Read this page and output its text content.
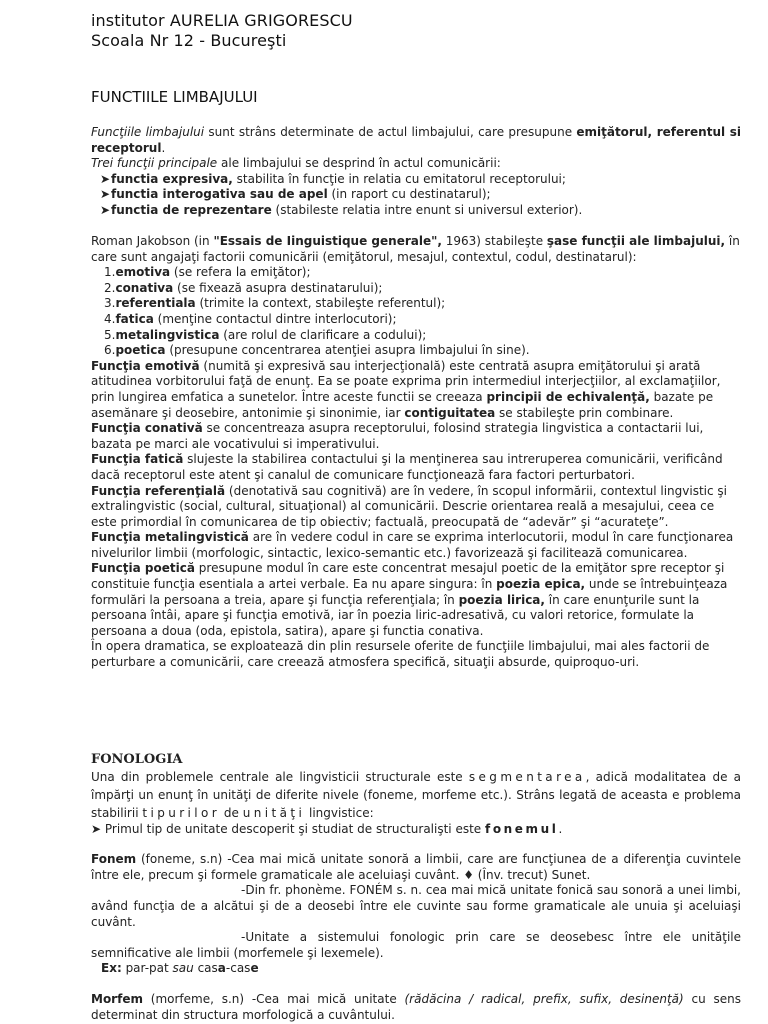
institutor AURELIA GRIGORESCU
Scoala Nr 12 - Bucureşti
FUNCTIILE LIMBAJULUI

Funcţiile limbajului sunt strâns determinate de actul limbajului, care presupune emiţătorul, referentul si receptorul.

Trei funcţii principale ale limbajului se desprind în actul comunicării:

➤functia expresiva, stabilita în funcţie in relatia cu emitatorul receptorului;

➤functia interogativa sau de apel (in raport cu destinatarul);

➤functia de reprezentare (stabileste relatia intre enunt si universul exterior).

Roman Jakobson (in "Essais de Iinguistique generale", 1963) stabileşte şase funcţii ale limbajului, în care sunt angajaţi factorii comunicării (emiţătorul, mesajul, contextul, codul, destinatarul):

1.emotiva (se refera la emiţător);

2.conativa (se fixează asupra destinatarului);

3.referentiala (trimite la context, stabileşte referentul);

4.fatica (menţine contactul dintre interlocutori);

5.metalingvistica (are rolul de clarificare a codului);

6.poetica (presupune concentrarea atenţiei asupra limbajului în sine).

Funcţia emotivă (numită şi expresivă sau interjecţională) este centrată asupra emiţătorului şi arată atitudinea vorbitorului faţă de enunţ. Ea se poate exprima prin intermediul interjecţiilor, al exclamaţiilor, prin lungirea emfatica a sunetelor. Între aceste functii se creeaza principii de echivalenţă, bazate pe asemănare şi deosebire, antonimie şi sinonimie, iar contiguitatea se stabileşte prin combinare.

Funcţia conativă se concentreaza asupra receptorului, folosind strategia lingvistica a contactarii lui, bazata pe marci ale vocativului si imperativului.

Funcţia fatică slujeste la stabilirea contactului şi la menţinerea sau intreruperea comunicării, verificând dacă receptorul este atent şi canalul de comunicare funcţionează fara factori perturbatori.

Funcţia referenţială (denotativă sau cognitivă) are în vedere, în scopul informării, contextul lingvistic şi extralingvistic (social, cultural, situaţional) al comunicării. Descrie orientarea reală a mesajului, ceea ce este primordial în comunicarea de tip obiectiv; factuală, preocupată de “adevăr” şi “acurateţe”.

Funcţia metalingvistică are în vedere codul in care se exprima interlocutorii, modul în care funcţionarea nivelurilor limbii (morfologic, sintactic, lexico-semantic etc.) favorizează şi facilitează comunicarea.

Funcţia poetică presupune modul în care este concentrat mesajul poetic de la emiţător spre receptor şi constituie funcţia esentiala a artei verbale. Ea nu apare singura: în poezia epica, unde se întrebuinţeaza formulări la persoana a treia, apare şi funcţia referenţiala; în poezia lirica, în care enunţurile sunt la persoana întâi, apare şi funcţia emotivă, iar în poezia liric-adresativă, cu valori retorice, formulate la persoana a doua (oda, epistola, satira), apare şi functia conativa.

În opera dramatica, se exploatează din plin resurselе oferite de funcţiile limbajului, mai ales factorii de perturbare a comunicării, care creează atmosfera specifică, situaţii absurde, quiproquo-uri.

FONOLOGIA

Una din problemele centrale ale lingvisticii structurale este segmentarea, adică modalitatea de a împărţi un enunţ în unităţi de diferite nivele (foneme, morfeme etc.). Strâns legată de aceasta e problema stabilirii tipurilor de unităţi lingvistice:

➤ Primul tip de unitate descoperit şi studiat de structuralişti este fonemul.

Fonem (foneme, s.n) -Cea mai mică unitate sonoră a limbii, care are funcţiunea de a diferenţia cuvintele între ele, precum şi formele gramaticale ale aceluiaşi cuvânt. ♦ (Înv. trecut) Sunet.

-Din fr. phonème. FONÉM s. n. cea mai mică unitate fonică sau sonoră a unei limbi, având funcţia de a alcătui şi de a deosebi între ele cuvinte sau forme gramaticale ale unuia şi aceluiaşi cuvânt.

-Unitate a sistemului fonologic prin care se deosebesc între ele unităţile semnificative ale limbii (morfemele şi lexemele).

Ex: par-pat sau casa-case

Morfem (morfeme, s.n) -Cea mai mică unitate (rădăcina / radical, prefix, sufix, desinenţă) cu sens determinat din structura morfologică a cuvântului.
